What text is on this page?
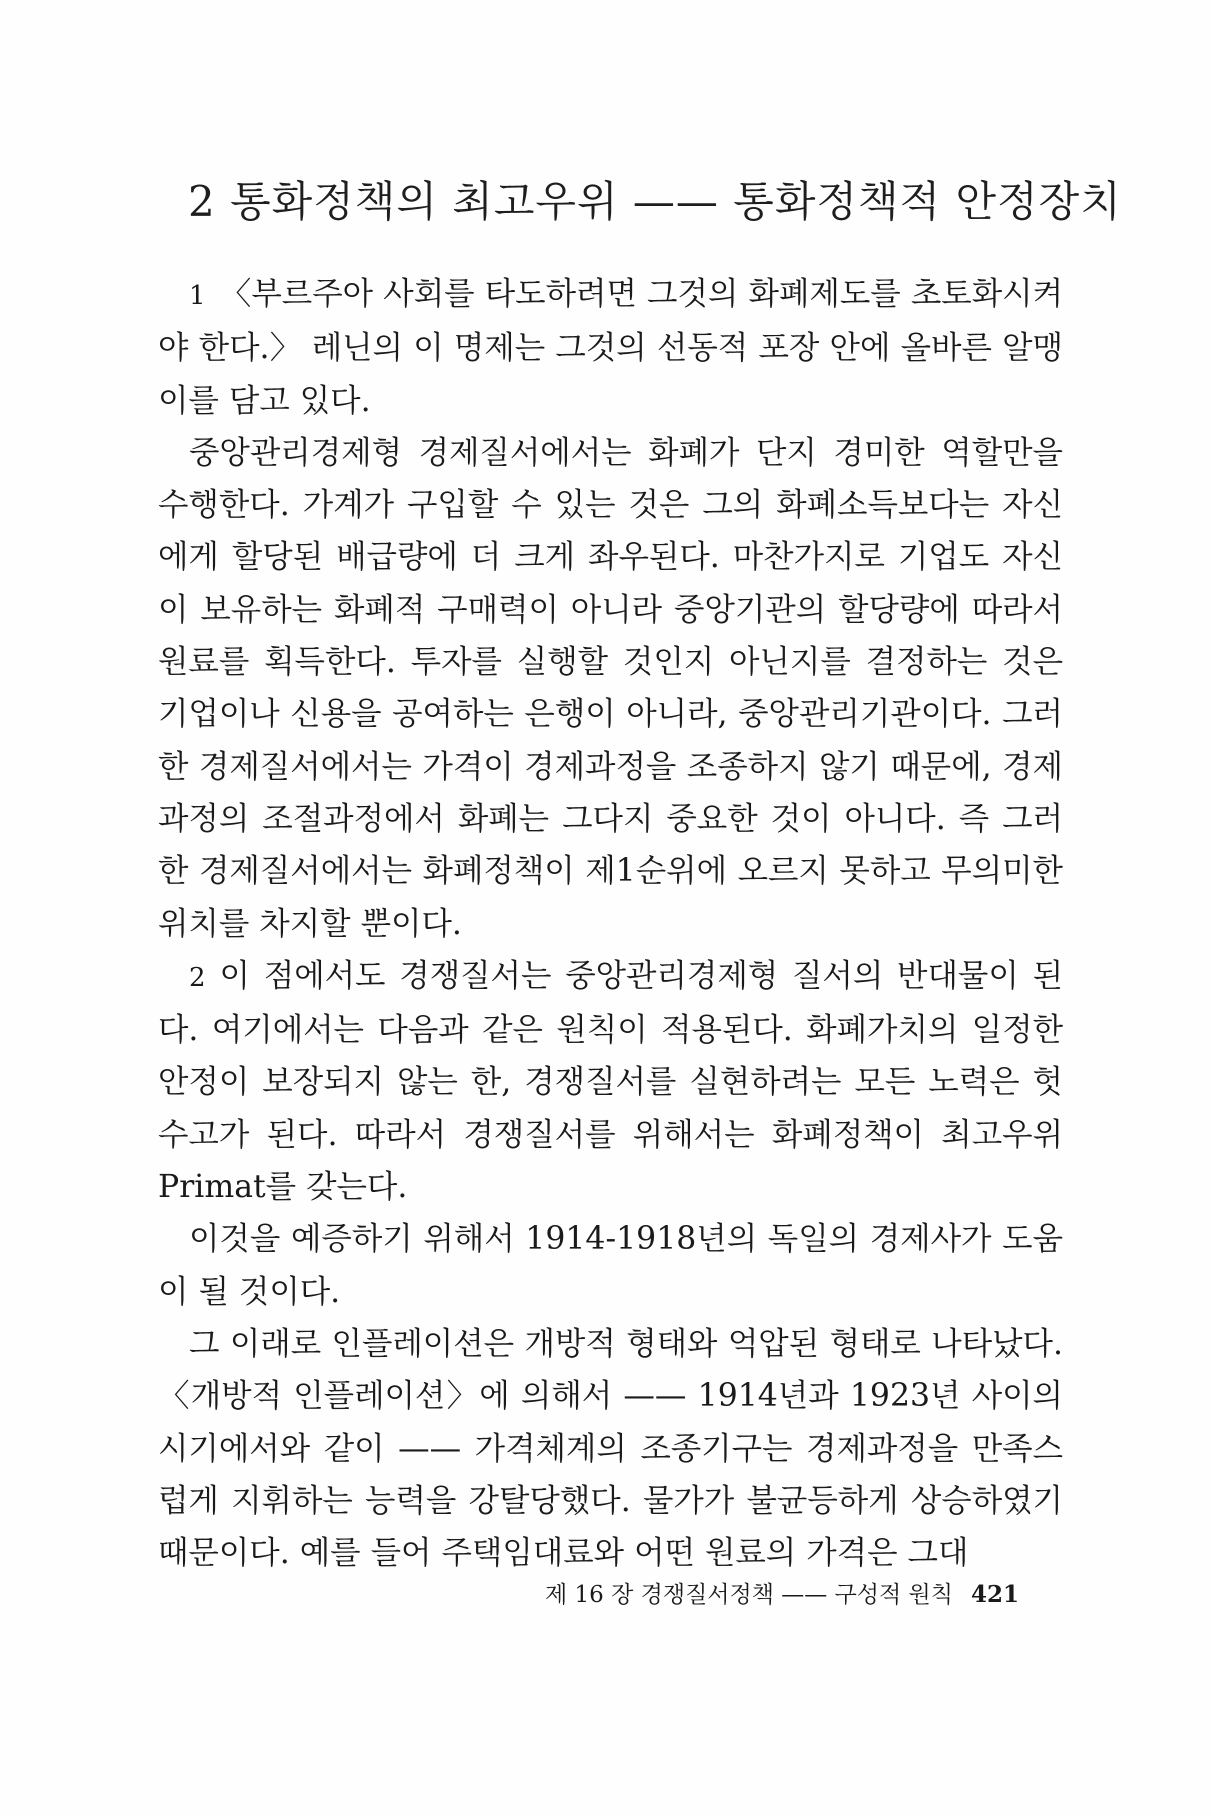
2 통화정책의 최고우위 —— 통화정책적 안정장치

1 〈부르주아 사회를 타도하려면 그것의 화폐제도를 초토화시켜야 한다.〉 레닌의 이 명제는 그것의 선동적 포장 안에 올바른 알맹이를 담고 있다.

중앙관리경제형 경제질서에서는 화폐가 단지 경미한 역할만을 수행한다. 가계가 구입할 수 있는 것은 그의 화폐소득보다는 자신에게 할당된 배급량에 더 크게 좌우된다. 마찬가지로 기업도 자신이 보유하는 화폐적 구매력이 아니라 중앙기관의 할당량에 따라서 원료를 획득한다. 투자를 실행할 것인지 아닌지를 결정하는 것은 기업이나 신용을 공여하는 은행이 아니라, 중앙관리기관이다. 그러한 경제질서에서는 가격이 경제과정을 조종하지 않기 때문에, 경제과정의 조절과정에서 화폐는 그다지 중요한 것이 아니다. 즉 그러한 경제질서에서는 화폐정책이 제1순위에 오르지 못하고 무의미한 위치를 차지할 뿐이다.

2 이 점에서도 경쟁질서는 중앙관리경제형 질서의 반대물이 된다. 여기에서는 다음과 같은 원칙이 적용된다. 화폐가치의 일정한 안정이 보장되지 않는 한, 경쟁질서를 실현하려는 모든 노력은 헛수고가 된다. 따라서 경쟁질서를 위해서는 화폐정책이 최고우위 Primat를 갖는다.

이것을 예증하기 위해서 1914-1918년의 독일의 경제사가 도움이 될 것이다.

그 이래로 인플레이션은 개방적 형태와 억압된 형태로 나타났다. 〈개방적 인플레이션〉에 의해서 —— 1914년과 1923년 사이의 시기에서와 같이 —— 가격체계의 조종기구는 경제과정을 만족스럽게 지휘하는 능력을 강탈당했다. 물가가 불균등하게 상승하였기 때문이다. 예를 들어 주택임대료와 어떤 원료의 가격은 그대

제 16 장 경쟁질서정책 —— 구성적 원칙 421
